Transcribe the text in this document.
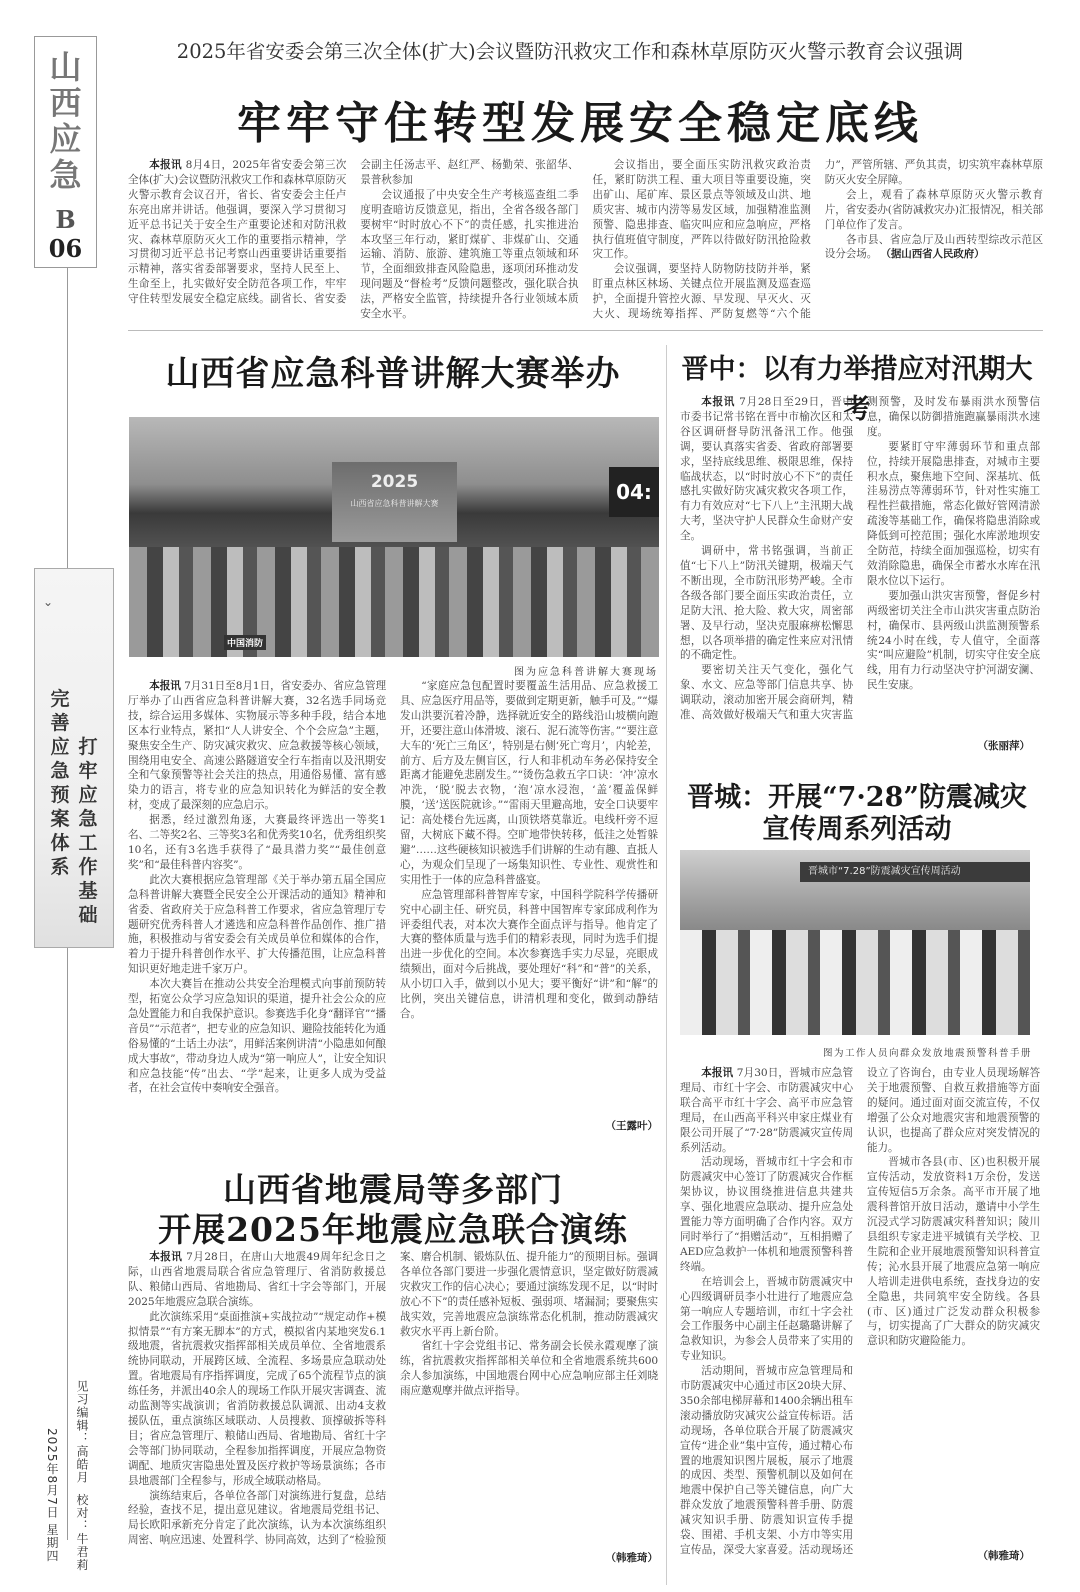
山
西
应
急
B
06
⌄
完
善
应
急
预
案
体
系
打
牢
应
急
工
作
基
础
见习编辑：高皓月  校对：牛君莉
2025年8月7日 星期四
2025年省安委会第三次全体(扩大)会议暨防汛救灾工作和森林草原防灭火警示教育会议强调
牢牢守住转型发展安全稳定底线

本报讯 8月4日，2025年省安委会第三次全体(扩大)会议暨防汛救灾工作和森林草原防灭火警示教育会议召开，省长、省安委会主任卢东亮出席并讲话。他强调，要深入学习贯彻习近平总书记关于安全生产重要论述和对防汛救灾、森林草原防灭火工作的重要指示精神，学习贯彻习近平总书记考察山西重要讲话重要指示精神，落实省委部署要求，坚持人民至上、生命至上，扎实做好安全防范各项工作，牢牢守住转型发展安全稳定底线。副省长、省安委会副主任汤志平、赵红严、杨勤荣、张韶华、景普秋参加

会议通报了中央安全生产考核巡查组二季度明查暗访反馈意见，指出，全省各级各部门要树牢“时时放心不下”的责任感，扎实推进治本攻坚三年行动，紧盯煤矿、非煤矿山、交通运输、消防、旅游、建筑施工等重点领域和环节，全面细致排查风险隐患，逐项闭环推动发现问题及“督检考”反馈问题整改，强化联合执法，严格安全监管，持续提升各行业领域本质安全水平。

会议指出，要全面压实防汛救灾政治责任，紧盯防洪工程、重大项目等重要设施，突出矿山、尾矿库、景区景点等领域及山洪、地质灾害、城市内涝等易发区域，加强精准监测预警、隐患排查、临灾叫应和应急响应，严格执行值班值守制度，严阵以待做好防汛抢险救灾工作。

会议强调，要坚持人防物防技防并举，紧盯重点林区林场、关键点位开展监测及巡查巡护，全面提升管控火源、早发现、早灭火、灭大火、现场统筹指挥、严防复燃等“六个能力”，严管所辖、严负其责，切实筑牢森林草原防灭火安全屏障。

会上，观看了森林草原防灭火警示教育片，省安委办(省防减救灾办)汇报情况，相关部门单位作了发言。

各市县、省应急厅及山西转型综改示范区设分会场。 （据山西省人民政府）

山西省应急科普讲解大赛举办
2025
山西省应急科普讲解大赛	04:
中国消防
图为应急科普讲解大赛现场

本报讯 7月31日至8月1日，省安委办、省应急管理厅举办了山西省应急科普讲解大赛，32名选手同场竞技，综合运用多媒体、实物展示等多种手段，结合本地区本行业特点，紧扣“人人讲安全、个个会应急”主题，聚焦安全生产、防灾减灾救灾、应急救援等核心领域，围绕用电安全、高速公路隧道安全行车指南以及汛期安全和气象预警等社会关注的热点，用通俗易懂、富有感染力的语言，将专业的应急知识转化为鲜活的安全教材，变成了最深刻的应急启示。

据悉，经过激烈角逐，大赛最终评选出一等奖1名、二等奖2名、三等奖3名和优秀奖10名，优秀组织奖10名，还有3名选手获得了“最具潜力奖”“最佳创意奖”和“最佳科普内容奖”。

此次大赛根据应急管理部《关于举办第五届全国应急科普讲解大赛暨全民安全公开课活动的通知》精神和省委、省政府关于应急科普工作要求，省应急管理厅专题研究优秀科普人才遴选和应急科普作品创作、推广措施，积极推动与省安委会有关成员单位和媒体的合作，着力于提升科普创作水平、扩大传播范围，让应急科普知识更好地走进千家万户。

本次大赛旨在推动公共安全治理模式向事前预防转型，拓宽公众学习应急知识的渠道，提升社会公众的应急处置能力和自我保护意识。参赛选手化身“翻译官”“播音员”“示范者”，把专业的应急知识、避险技能转化为通俗易懂的“土话土办法”，用鲜活案例讲清“小隐患如何酿成大事故”，带动身边人成为“第一响应人”，让安全知识和应急技能“传”出去、“学”起来，让更多人成为受益者，在社会宣传中奏响安全强音。

“家庭应急包配置时要覆盖生活用品、应急救援工具、应急医疗用品等，要做到定期更新，触手可及。”“爆发山洪要沉着冷静，选择就近安全的路线沿山坡横向跑开，还要注意山体滑坡、滚石、泥石流等伤害。”“要注意大车的‘死亡三角区’，特别是右侧‘死亡弯月’，内轮差，前方、后方及左侧盲区，行人和非机动车务必保持安全距离才能避免悲剧发生。”“烫伤急救五字口诀：‘冲’凉水冲洗，‘脱’脱去衣物，‘泡’凉水浸泡，‘盖’覆盖保鲜膜，‘送’送医院就诊。”“雷雨天里避高地，安全口诀要牢记：高处楼台先远离，山顶铁塔莫靠近。电线杆旁不逗留，大树底下藏不得。空旷地带快转移，低洼之处暂躲避”……这些硬核知识被选手们讲解的生动有趣、直抵人心，为观众们呈现了一场集知识性、专业性、观赏性和实用性于一体的应急科普盛宴。

应急管理部科普智库专家，中国科学院科学传播研究中心副主任、研究员，科普中国智库专家邱成利作为评委组代表，对本次大赛作全面点评与指导。他肯定了大赛的整体质量与选手们的精彩表现，同时为选手们提出进一步优化的空间。本次参赛选手实力尽显，亮眼成绩频出，面对今后挑战，要处理好“科”和“普”的关系，从小切口入手，做到以小见大；要平衡好“讲”和“解”的比例，突出关键信息，讲清机理和变化，做到动静结合。

（王露叶）
晋中：以有力举措应对汛期大考

本报讯 7月28日至29日，晋中市委书记常书铭在晋中市榆次区和太谷区调研督导防汛备汛工作。他强调，要认真落实省委、省政府部署要求，坚持底线思维、极限思维，保持临战状态，以“时时放心不下”的责任感扎实做好防灾减灾救灾各项工作，有力有效应对“七下八上”主汛期大战大考，坚决守护人民群众生命财产安全。

调研中，常书铭强调，当前正值“七下八上”防汛关键期，极端天气不断出现，全市防汛形势严峻。全市各级各部门要全面压实政治责任，立足防大汛、抢大险、救大灾，周密部署、及早行动，坚决克服麻痹松懈思想，以各项举措的确定性来应对汛情的不确定性。

要密切关注天气变化，强化气象、水文、应急等部门信息共享、协调联动，滚动加密开展会商研判，精准、高效做好极端天气和重大灾害监测预警，及时发布暴雨洪水预警信息，确保以防御措施跑赢暴雨洪水速度。

要紧盯守牢薄弱环节和重点部位，持续开展隐患排查，对城市主要积水点，聚焦地下空间、深基坑、低洼易涝点等薄弱环节，针对性实施工程性拦截措施，常态化做好管网清淤疏浚等基础工作，确保将隐患消除或降低到可控范围；强化水库淤地坝安全防范，持续全面加强巡检，切实有效消除隐患，确保全市蓄水水库在汛限水位以下运行。

要加强山洪灾害预警，督促乡村两级密切关注全市山洪灾害重点防治村，确保市、县两级山洪监测预警系统24小时在线，专人值守，全面落实“叫应避险”机制，切实守住安全底线，用有力行动坚决守护河湖安澜、民生安康。

（张丽萍）
晋城：开展“7·28”防震减灾
宣传周系列活动
晋城市“7.28”防震减灾宣传周活动
图为工作人员向群众发放地震预警科普手册

本报讯 7月30日，晋城市应急管理局、市红十字会、市防震减灾中心联合高平市红十字会、高平市应急管理局，在山西高平科兴申家庄煤业有限公司开展了“7·28”防震减灾宣传周系列活动。

活动现场，晋城市红十字会和市防震减灾中心签订了防震减灾合作框架协议，协议围绕推进信息共建共享、强化地震应急联动、提升应急处置能力等方面明确了合作内容。双方同时举行了“捐赠活动”，互相捐赠了AED应急救护一体机和地震预警科普终端。

在培训会上，晋城市防震减灾中心四级调研员李小壮进行了地震应急第一响应人专题培训，市红十字会社会工作服务中心副主任赵璐璐讲解了急救知识，为参会人员带来了实用的专业知识。

活动期间，晋城市应急管理局和市防震减灾中心通过市区20块大屏、350余部电梯屏幕和1400余辆出租车滚动播放防灾减灾公益宣传标语。活动现场，各单位联合开展了防震减灾宣传“进企业”集中宣传，通过精心布置的地震知识图片展板，展示了地震的成因、类型、预警机制以及如何在地震中保护自己等关键信息，向广大群众发放了地震预警科普手册、防震减灾知识手册、防震知识宣传手提袋、围裙、手机支架、小方巾等实用宣传品，深受大家喜爱。活动现场还设立了咨询台，由专业人员现场解答关于地震预警、自救互救措施等方面的疑问。通过面对面交流宣传，不仅增强了公众对地震灾害和地震预警的认识，也提高了群众应对突发情况的能力。

晋城市各县(市、区)也积极开展宣传活动，发放资料1万余份，发送宣传短信5万余条。高平市开展了地震科普馆开放日活动，邀请中小学生沉浸式学习防震减灾科普知识；陵川县组织专家走进平城镇有关学校、卫生院和企业开展地震预警知识科普宣传；沁水县开展了地震应急第一响应人培训走进供电系统，查找身边的安全隐患，共同筑牢安全防线。各县(市、区)通过广泛发动群众积极参与，切实提高了广大群众的防灾减灾意识和防灾避险能力。

（韩雅琦）
山西省地震局等多部门
开展2025年地震应急联合演练

本报讯 7月28日，在唐山大地震49周年纪念日之际，山西省地震局联合省应急管理厅、省消防救援总队、粮储山西局、省地勘局、省红十字会等部门，开展2025年地震应急联合演练。

此次演练采用“桌面推演+实战拉动”“规定动作+模拟情景”“有方案无脚本”的方式，模拟省内某地突发6.1级地震，省抗震救灾指挥部相关成员单位、全省地震系统协同联动，开展跨区域、全流程、多场景应急联动处置。省地震局有序指挥调度，完成了65个流程节点的演练任务，并派出40余人的现场工作队开展灾害调查、流动监测等实战演训；省消防救援总队调派、出动4支救援队伍，重点演练区域联动、人员搜救、顶撑破拆等科目；省应急管理厅、粮储山西局、省地勘局、省红十字会等部门协同联动，全程参加指挥调度，开展应急物资调配、地质灾害隐患处置及医疗救护等场景演练；各市县地震部门全程参与，形成全域联动格局。

演练结束后，各单位各部门对演练进行复盘，总结经验，查找不足，提出意见建议。省地震局党组书记、局长欧阳承新充分肯定了此次演练，认为本次演练组织周密、响应迅速、处置科学、协同高效，达到了“检验预案、磨合机制、锻炼队伍、提升能力”的预期目标。强调各单位各部门要进一步强化震情意识，坚定做好防震减灾救灾工作的信心决心；要通过演练发现不足，以“时时放心不下”的责任感补短板、强弱项、堵漏洞；要聚焦实战实效，完善地震应急演练常态化机制，推动防震减灾救灾水平再上新台阶。

省红十字会党组书记、常务副会长侯永霞观摩了演练，省抗震救灾指挥部相关单位和全省地震系统共600余人参加演练，中国地震台网中心应急响应部主任刘晓雨应邀观摩并做点评指导。

（韩雅琦）
